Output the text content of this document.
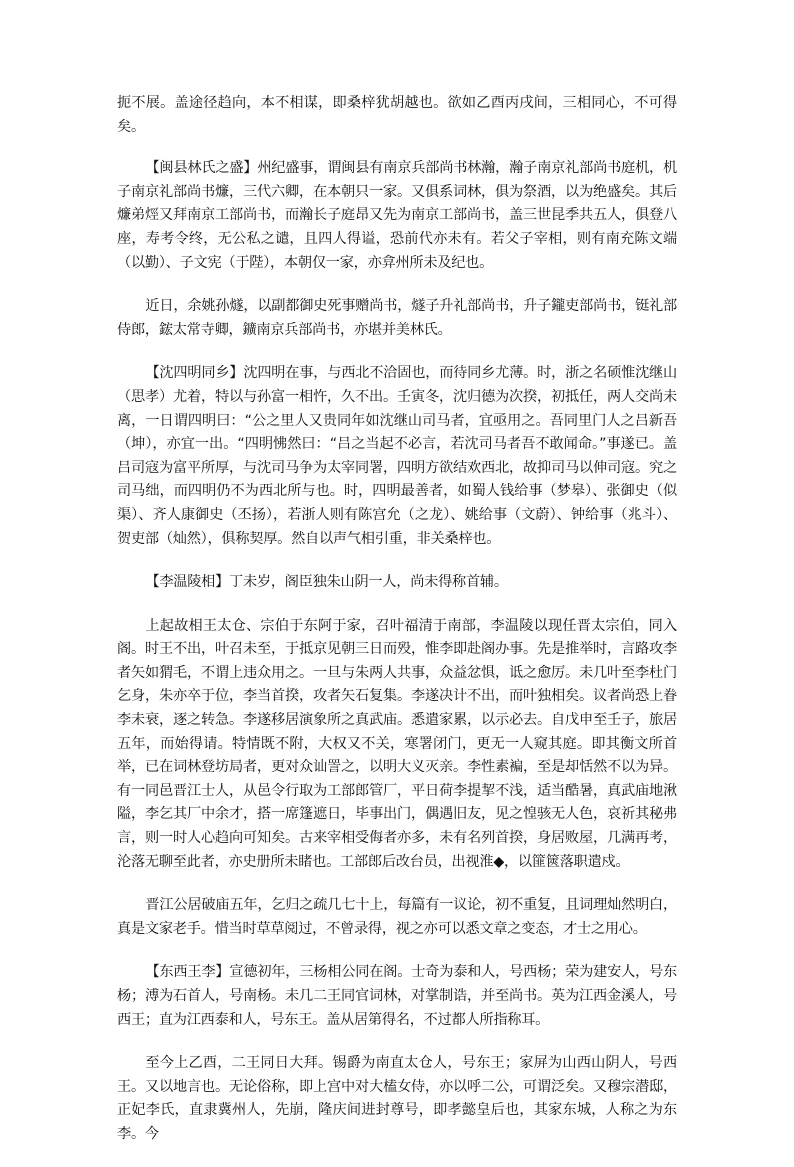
扼不展。盖途径趋向，本不相谋，即桑梓犹胡越也。欲如乙酉丙戌间，三相同心，不可得矣。

【闽县林氏之盛】州纪盛事，谓闽县有南京兵部尚书林瀚，瀚子南京礼部尚书庭机，机子南京礼部尚书燫，三代六卿，在本朝只一家。又俱系词林，俱为祭酒，以为绝盛矣。其后燫弟烴又拜南京工部尚书，而瀚长子庭昂又先为南京工部尚书，盖三世昆季共五人，俱登八座，寿考令终，无公私之谴，且四人得谥，恐前代亦未有。若父子宰相，则有南充陈文端（以勤）、子文宪（于陛），本朝仅一家，亦弇州所未及纪也。

近日，余姚孙燧，以副都御史死事赠尚书，燧子升礼部尚书，升子鑨吏部尚书，铤礼部侍郎，鋐太常寺卿，鑛南京兵部尚书，亦堪并美林氏。

【沈四明同乡】沈四明在事，与西北不洽固也，而待同乡尤薄。时，浙之名硕惟沈继山（思孝）尤着，特以与孙富一相忤，久不出。壬寅冬，沈归德为次揆，初抵任，两人交尚未离，一日谓四明曰：“公之里人又贵同年如沈继山司马者，宜亟用之。吾同里门人之吕新吾（坤），亦宜一出。“四明怫然曰：“吕之当起不必言，若沈司马者吾不敢闻命。”事遂已。盖吕司寇为富平所厚，与沈司马争为太宰同署，四明方欲结欢西北，故抑司马以伸司寇。究之司马绌，而四明仍不为西北所与也。时，四明最善者，如蜀人钱给事（梦皋）、张御史（似渠）、齐人康御史（丕扬），若浙人则有陈宫允（之龙）、姚给事（文蔚）、钟给事（兆斗）、贺吏部（灿然），俱称契厚。然自以声气相引重，非关桑梓也。

【李温陵相】丁未岁，阁臣独朱山阴一人，尚未得称首辅。

上起故相王太仓、宗伯于东阿于家，召叶福清于南部，李温陵以现任晋太宗伯，同入阁。时王不出，叶召未至，于抵京见朝三日而殁，惟李即赴阁办事。先是推举时，言路攻李者矢如猬毛，不谓上违众用之。一旦与朱两人共事，众益忿惧，诋之愈厉。未几叶至李杜门乞身，朱亦卒于位，李当首揆，攻者矢石复集。李遂决计不出，而叶独相矣。议者尚恐上眷李未衰，逐之转急。李遂移居演象所之真武庙。悉遣家累，以示必去。自戊申至壬子，旅居五年，而始得请。特情既不附，大权又不关，寒署闭门，更无一人窥其庭。即其衡文所首举，已在词林登坊局者，更对众讪詈之，以明大义灭亲。李性素褊，至是却恬然不以为异。有一同邑晋江士人，从邑令行取为工部郎管厂，平日荷李提挈不浅，适当酷暑，真武庙地湫隘，李乞其厂中余才，搭一席篷遮日，毕事出门，偶遇旧友，见之惶骇无人色，哀祈其秘弗言，则一时人心趋向可知矣。古来宰相受侮者亦多，未有名列首揆，身居败屋，几满再考，沦落无聊至此者，亦史册所未睹也。工部郎后改台员，出视淮◆，以篚篋落职遣戍。

晋江公居破庙五年，乞归之疏几七十上，每篇有一议论，初不重复，且词理灿然明白，真是文家老手。惜当时草草阅过，不曾录得，视之亦可以悉文章之变态，才士之用心。

【东西王李】宣德初年，三杨相公同在阁。士奇为泰和人，号西杨；荣为建安人，号东杨；溥为石首人，号南杨。未几二王同官词林，对掌制诰，并至尚书。英为江西金溪人，号西王；直为江西泰和人，号东王。盖从居第得名，不过都人所指称耳。

至今上乙酉，二王同日大拜。锡爵为南直太仓人，号东王；家屏为山西山阴人，号西王。又以地言也。无论俗称，即上宫中对大榼女侍，亦以呼二公，可谓泛矣。又穆宗潜邸，正妃李氏，直隶冀州人，先崩，隆庆间进封尊号，即孝懿皇后也，其家东城，人称之为东李。今
